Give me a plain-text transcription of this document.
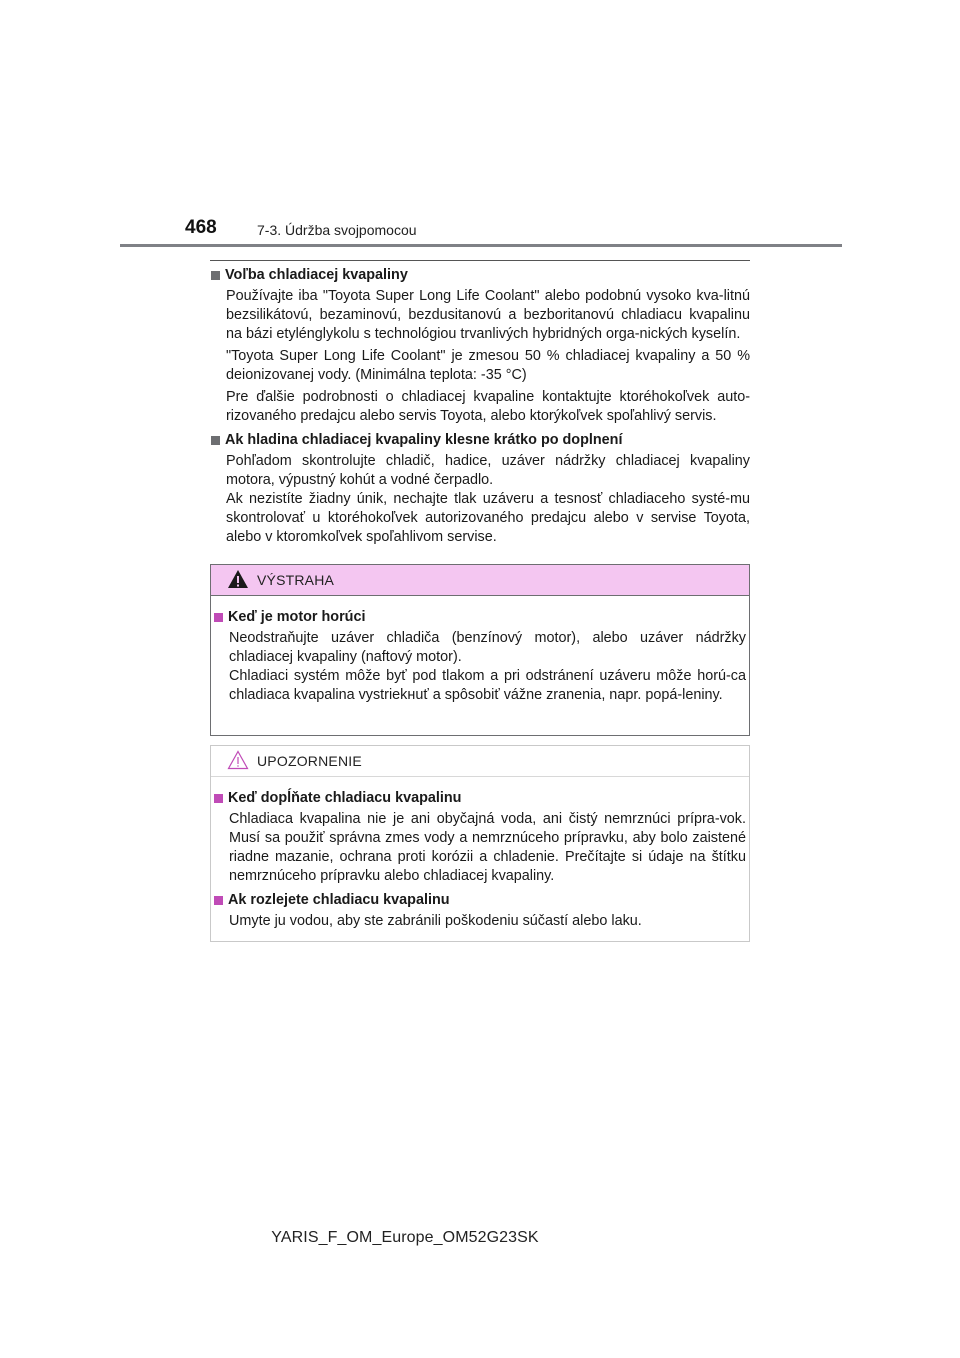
468	7-3. Údržba svojpomocou

Voľba chladiacej kvapaliny

Používajte iba "Toyota Super Long Life Coolant" alebo podobnú vysoko kva-litnú bezsilikátovú, bezaminovú, bezdusitanovú a bezboritanovú chladiacu kvapalinu na bázi etylénglykolu s technológiou trvanlivých hybridných orga-nických kyselín.

"Toyota Super Long Life Coolant" je zmesou 50 % chladiacej kvapaliny a 50 % deionizovanej vody. (Minimálna teplota: -35 °C)

Pre ďalšie podrobnosti o chladiacej kvapaline kontaktujte ktoréhokoľvek auto-rizovaného predajcu alebo servis Toyota, alebo ktorýkoľvek spoľahlivý servis.

Ak hladina chladiacej kvapaliny klesne krátko po doplnení

Pohľadom skontrolujte chladič, hadice, uzáver nádržky chladiacej kvapaliny motora, výpustný kohút a vodné čerpadlo.

Ak nezistíte žiadny únik, nechajte tlak uzáveru a tesnosť chladiaceho systé-mu skontrolovať u ktoréhokoľvek autorizovaného predajcu alebo v servise Toyota, alebo v ktoromkoľvek spoľahlivom servise.

VÝSTRAHA

Keď je motor horúci

Neodstraňujte uzáver chladiča (benzínový motor), alebo uzáver nádržky chladiacej kvapaliny (naftový motor).

Chladiaci systém môže byť pod tlakom a pri odstránení uzáveru môže horú-ca chladiaca kvapalina vystriekнuť a spôsobiť vážne zranenia, napr. popá-leniny.

UPOZORNENIE

Keď dopĺňate chladiacu kvapalinu

Chladiaca kvapalina nie je ani obyčajná voda, ani čistý nemrznúci prípra-vok. Musí sa použiť správna zmes vody a nemrznúceho prípravku, aby bolo zaistené riadne mazanie, ochrana proti korózii a chladenie. Prečítajte si údaje na štítku nemrznúceho prípravku alebo chladiacej kvapaliny.

Ak rozlejete chladiacu kvapalinu

Umyte ju vodou, aby ste zabránili poškodeniu súčastí alebo laku.

YARIS_F_OM_Europe_OM52G23SK
